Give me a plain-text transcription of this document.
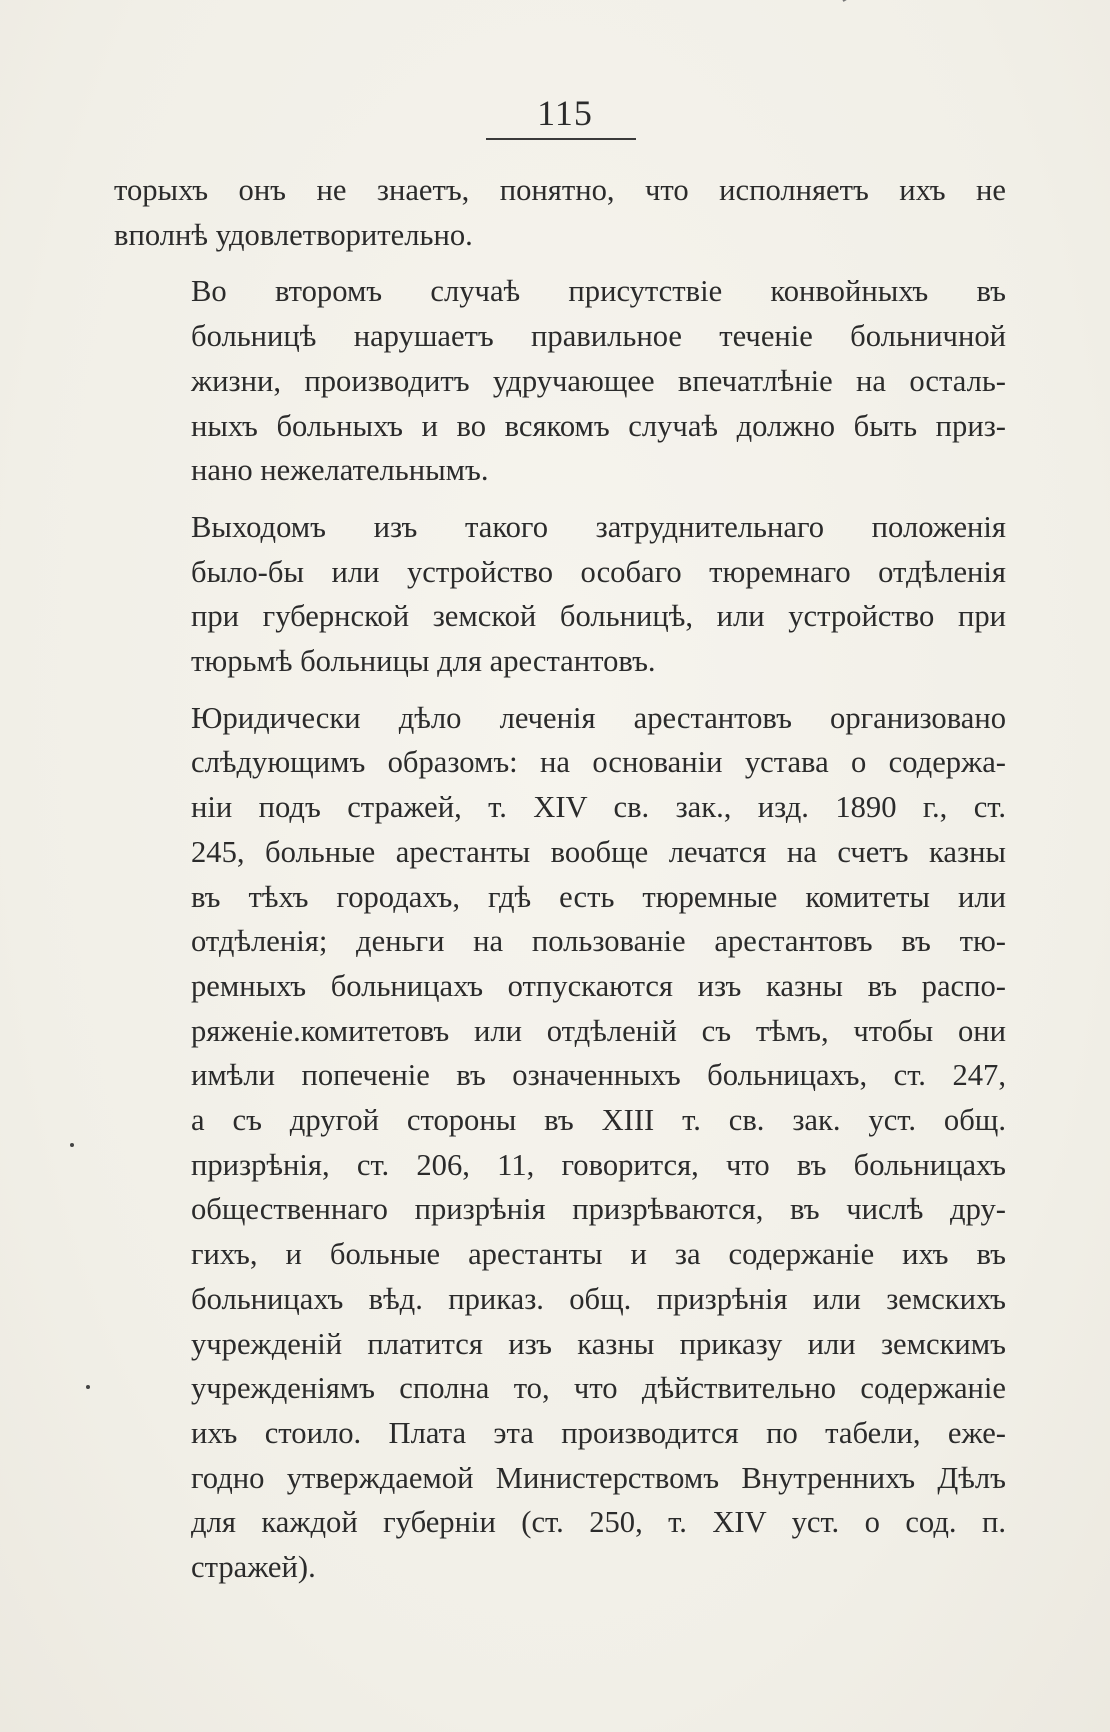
115

торыхъ онъ не знаетъ, понятно, что исполняетъ ихъ не
вполнѣ удовлетворительно.

Во второмъ случаѣ присутствіе конвойныхъ въ
больницѣ нарушаетъ правильное теченіе больничной
жизни, производитъ удручающее впечатлѣніе на осталь-
ныхъ больныхъ и во всякомъ случаѣ должно быть приз-
нано нежелательнымъ.

Выходомъ изъ такого затруднительнаго положенія
было-бы или устройство особаго тюремнаго отдѣленія
при губернской земской больницѣ, или устройство при
тюрьмѣ больницы для арестантовъ.

Юридически дѣло леченія арестантовъ организовано
слѣдующимъ образомъ: на основаніи устава о содержа-
ніи подъ стражей, т. XIV св. зак., изд. 1890 г., ст.
245, больные арестанты вообще лечатся на счетъ казны
въ тѣхъ городахъ, гдѣ есть тюремные комитеты или
отдѣленія; деньги на пользованіе арестантовъ въ тю-
ремныхъ больницахъ отпускаются изъ казны въ распо-
ряженіе.комитетовъ или отдѣленій съ тѣмъ, чтобы они
имѣли попеченіе въ означенныхъ больницахъ, ст. 247,
а съ другой стороны въ XIII т. св. зак. уст. общ.
призрѣнія, ст. 206, 11, говорится, что въ больницахъ
общественнаго призрѣнія призрѣваются, въ числѣ дру-
гихъ, и больные арестанты и за содержаніе ихъ въ
больницахъ вѣд. приказ. общ. призрѣнія или земскихъ
учрежденій платится изъ казны приказу или земскимъ
учрежденіямъ сполна то, что дѣйствительно содержаніе
ихъ стоило. Плата эта производится по табели, еже-
годно утверждаемой Министерствомъ Внутреннихъ Дѣлъ
для каждой губерніи (ст. 250, т. XIV уст. о сод. п.
стражей).
